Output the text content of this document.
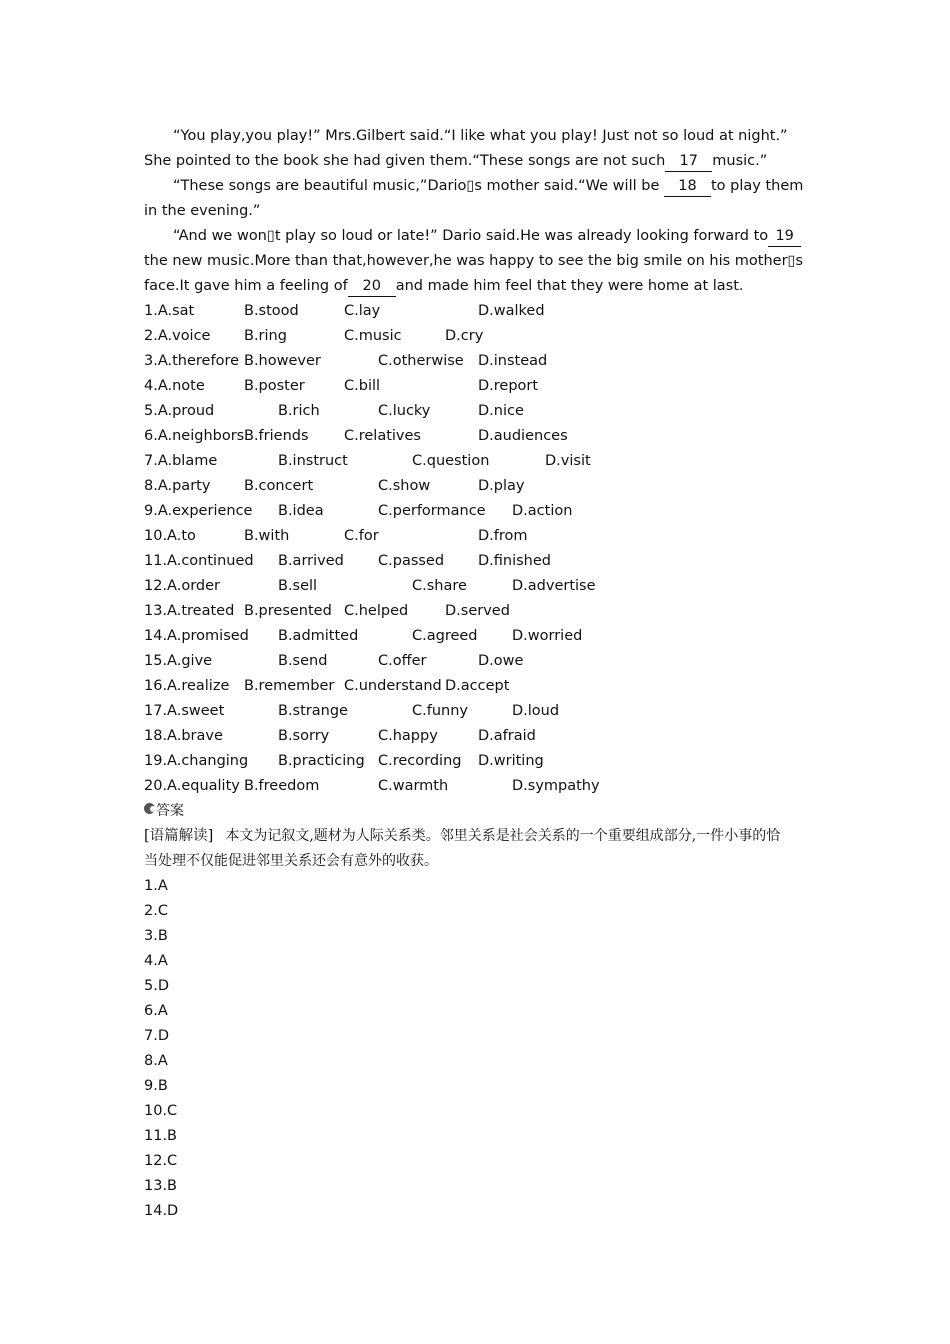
“You play,you play!” Mrs.Gilbert said.“I like what you play! Just not so loud at night.”
She pointed to the book she had given them.“These songs are not such 17 music.”
“These songs are beautiful music,”Dario▯s mother said.“We will be 18 to play them
in the evening.”
“And we won▯t play so loud or late!” Dario said.He was already looking forward to 19
the new music.More than that,however,he was happy to see the big smile on his mother▯s
face.It gave him a feeling of 20 and made him feel that they were home at last.
1.A.sat	B.stood	C.lay	D.walked
2.A.voice B.ring	C.music	D.cry
3.A.therefore B.however	C.otherwise D.instead
4.A.note	B.poster	C.bill	D.report
5.A.proud	B.rich	C.lucky	D.nice
6.A.neighbors B.friends C.relatives	D.audiences
7.A.blame	B.instruct	C.question	D.visit
8.A.party B.concert	C.show	D.play
9.A.experience B.idea	C.performance D.action
10.A.to	B.with	C.for	D.from
11.A.continued B.arrived C.passed D.finished
12.A.order	B.sell	C.share	D.advertise
13.A.treated B.presented C.helped	D.served
14.A.promised B.admitted	C.agreed D.worried
15.A.give	B.send	C.offer	D.owe
16.A.realize B.remember C.understand D.accept
17.A.sweet	B.strange	C.funny	D.loud
18.A.brave	B.sorry	C.happy	D.afraid
19.A.changing B.practicing C.recording D.writing
20.A.equality B.freedom	C.warmth	D.sympathy
答案
[语篇解读] 本文为记叙文,题材为人际关系类。邻里关系是社会关系的一个重要组成部分,一件小事的恰
当处理不仅能促进邻里关系还会有意外的收获。
1.A
2.C
3.B
4.A
5.D
6.A
7.D
8.A
9.B
10.C
11.B
12.C
13.B
14.D
